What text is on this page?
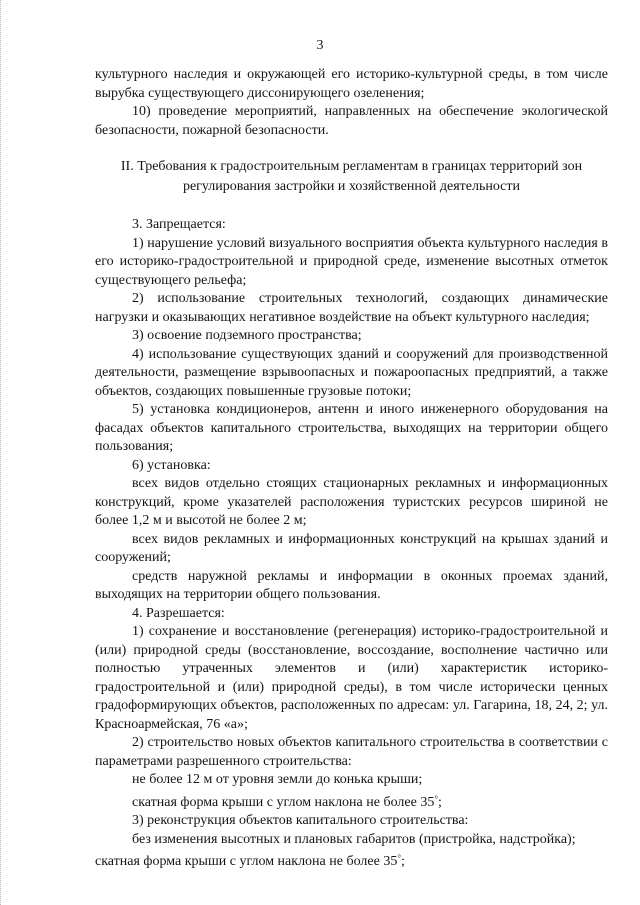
3

культурного наследия и окружающей его историко-культурной среды, в том числе вырубка существующего диссонирующего озеленения;

10) проведение мероприятий, направленных на обеспечение экологической безопасности, пожарной безопасности.

II. Требования к градостроительным регламентам в границах территорий зон
регулирования застройки и хозяйственной деятельности

3. Запрещается:

1) нарушение условий визуального восприятия объекта культурного наследия в его историко-градостроительной и природной среде, изменение высотных отметок существующего рельефа;

2) использование строительных технологий, создающих динамические нагрузки и оказывающих негативное воздействие на объект культурного наследия;

3) освоение подземного пространства;

4) использование существующих зданий и сооружений для производственной деятельности, размещение взрывоопасных и пожароопасных предприятий, а также объектов, создающих повышенные грузовые потоки;

5) установка кондиционеров, антенн и иного инженерного оборудования на фасадах объектов капитального строительства, выходящих на территории общего пользования;

6) установка:

всех видов отдельно стоящих стационарных рекламных и информационных конструкций, кроме указателей расположения туристских ресурсов шириной не более 1,2 м и высотой не более 2 м;

всех видов рекламных и информационных конструкций на крышах зданий и сооружений;

средств наружной рекламы и информации в оконных проемах зданий, выходящих на территории общего пользования.

4. Разрешается:

1) сохранение и восстановление (регенерация) историко-градостроительной и (или) природной среды (восстановление, воссоздание, восполнение частично или полностью утраченных элементов и (или) характеристик историко-градостроительной и (или) природной среды), в том числе исторически ценных градоформирующих объектов, расположенных по адресам: ул. Гагарина, 18, 24, 2; ул. Красноармейская, 76 «а»;

2) строительство новых объектов капитального строительства в соответствии с параметрами разрешенного строительства:

не более 12 м от уровня земли до конька крыши;

скатная форма крыши с углом наклона не более 35°;

3) реконструкция объектов капитального строительства:

без изменения высотных и плановых габаритов (пристройка, надстройка);

скатная форма крыши с углом наклона не более 35°;
